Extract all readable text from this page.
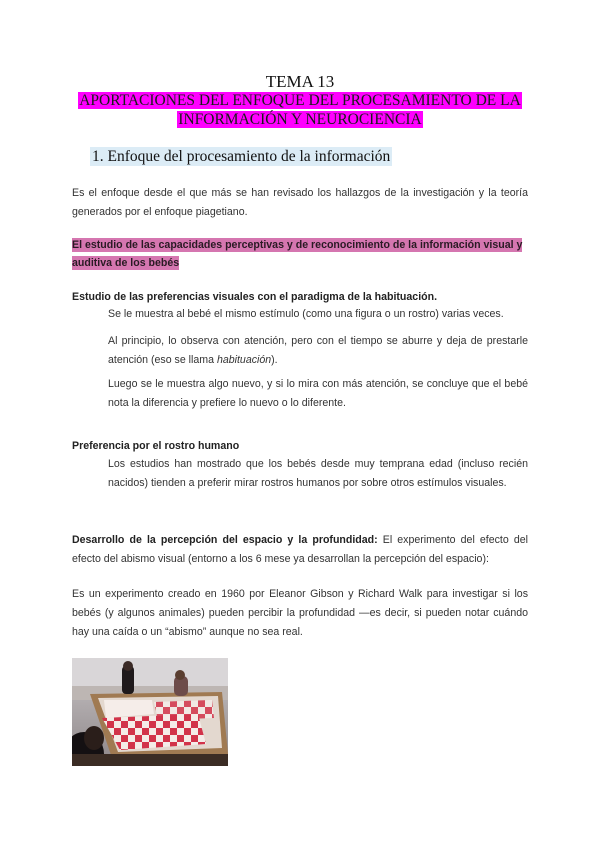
TEMA 13
APORTACIONES DEL ENFOQUE DEL PROCESAMIENTO DE LA
INFORMACIÓN Y NEUROCIENCIA
1. Enfoque del procesamiento de la información
Es el enfoque desde el que más se han revisado los hallazgos de la investigación y la teoría generados por el enfoque piagetiano.
El estudio de las capacidades perceptivas y de reconocimiento de la información visual y auditiva de los bebés
Estudio de las preferencias visuales con el paradigma de la habituación.
Se le muestra al bebé el mismo estímulo (como una figura o un rostro) varias veces.
Al principio, lo observa con atención, pero con el tiempo se aburre y deja de prestarle atención (eso se llama habituación).
Luego se le muestra algo nuevo, y si lo mira con más atención, se concluye que el bebé nota la diferencia y prefiere lo nuevo o lo diferente.
Preferencia por el rostro humano
Los estudios han mostrado que los bebés desde muy temprana edad (incluso recién nacidos) tienden a preferir mirar rostros humanos por sobre otros estímulos visuales.
Desarrollo de la percepción del espacio y la profundidad: El experimento del efecto del efecto del abismo visual (entorno a los 6 mese ya desarrollan la percepción del espacio):
Es un experimento creado en 1960 por Eleanor Gibson y Richard Walk para investigar si los bebés (y algunos animales) pueden percibir la profundidad —es decir, si pueden notar cuándo hay una caída o un “abismo” aunque no sea real.
